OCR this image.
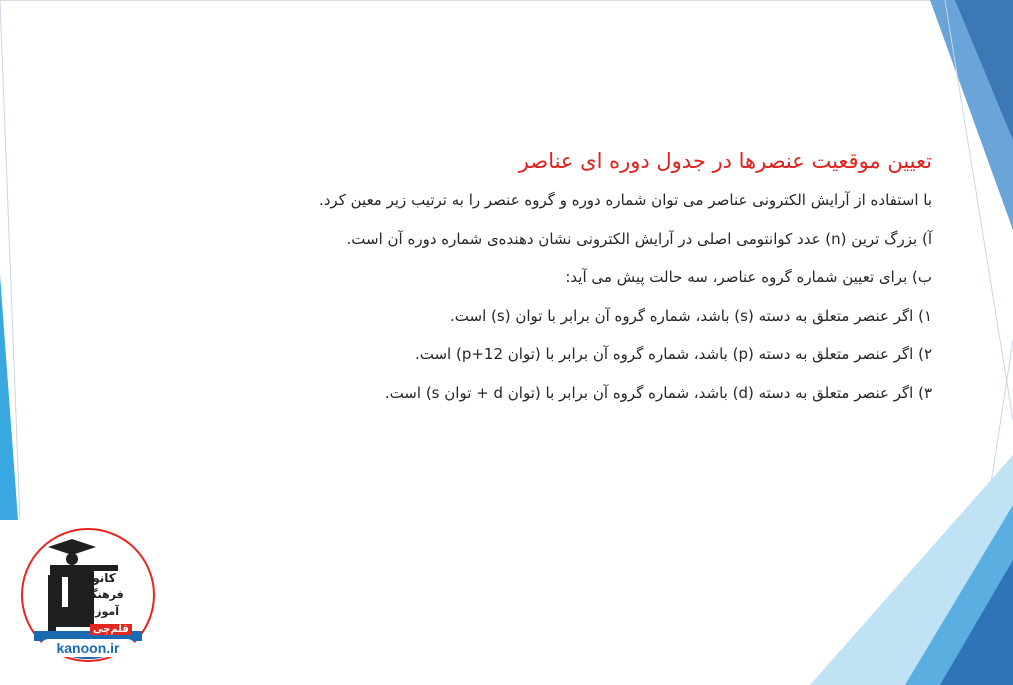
تعیین موقعیت عنصرها در جدول دوره ای عناصر
با استفاده از آرایش الکترونی عناصر می توان شماره دوره و گروه عنصر را به ترتیب زیر معین کرد.
آ) بزرگ ترین (n) عدد کوانتومی اصلی در آرایش الکترونی نشان دهنده‌ی شماره دوره آن است.
ب) برای تعیین شماره گروه عناصر، سه حالت پیش می آید:
۱) اگر عنصر متعلق به دسته (s) باشد، شماره گروه آن برابر با توان (s) است.
۲) اگر عنصر متعلق به دسته (p) باشد، شماره گروه آن برابر با (توان 12+p) است.
۳) اگر عنصر متعلق به دسته (d) باشد، شماره گروه آن برابر با (توان d + توان s) است.
کانون
فرهنگی
آموزش
قلم‌چی
kanoon.ir
